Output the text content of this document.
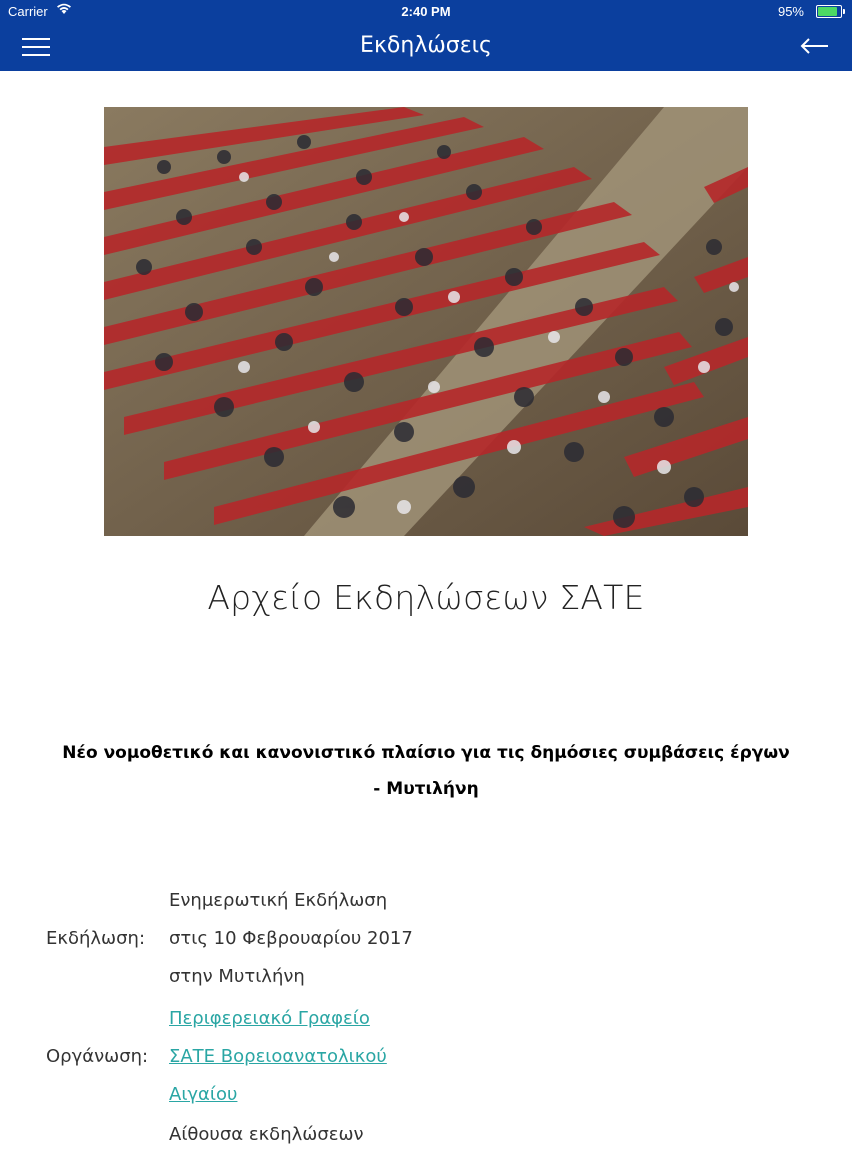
Carrier	2:40 PM	95%
Εκδηλώσεις
Αρχείο Εκδηλώσεων ΣΑΤΕ
Νέο νομοθετικό και κανονιστικό πλαίσιο για τις δημόσιες συμβάσεις έργων - Μυτιλήνη
Εκδήλωση:
Ενημερωτική Εκδήλωση
στις 10 Φεβρουαρίου 2017
στην Μυτιλήνη
Οργάνωση:
Περιφερειακό Γραφείο
ΣΑΤΕ Βορειοανατολικού
Αιγαίου
Αίθουσα εκδηλώσεων
